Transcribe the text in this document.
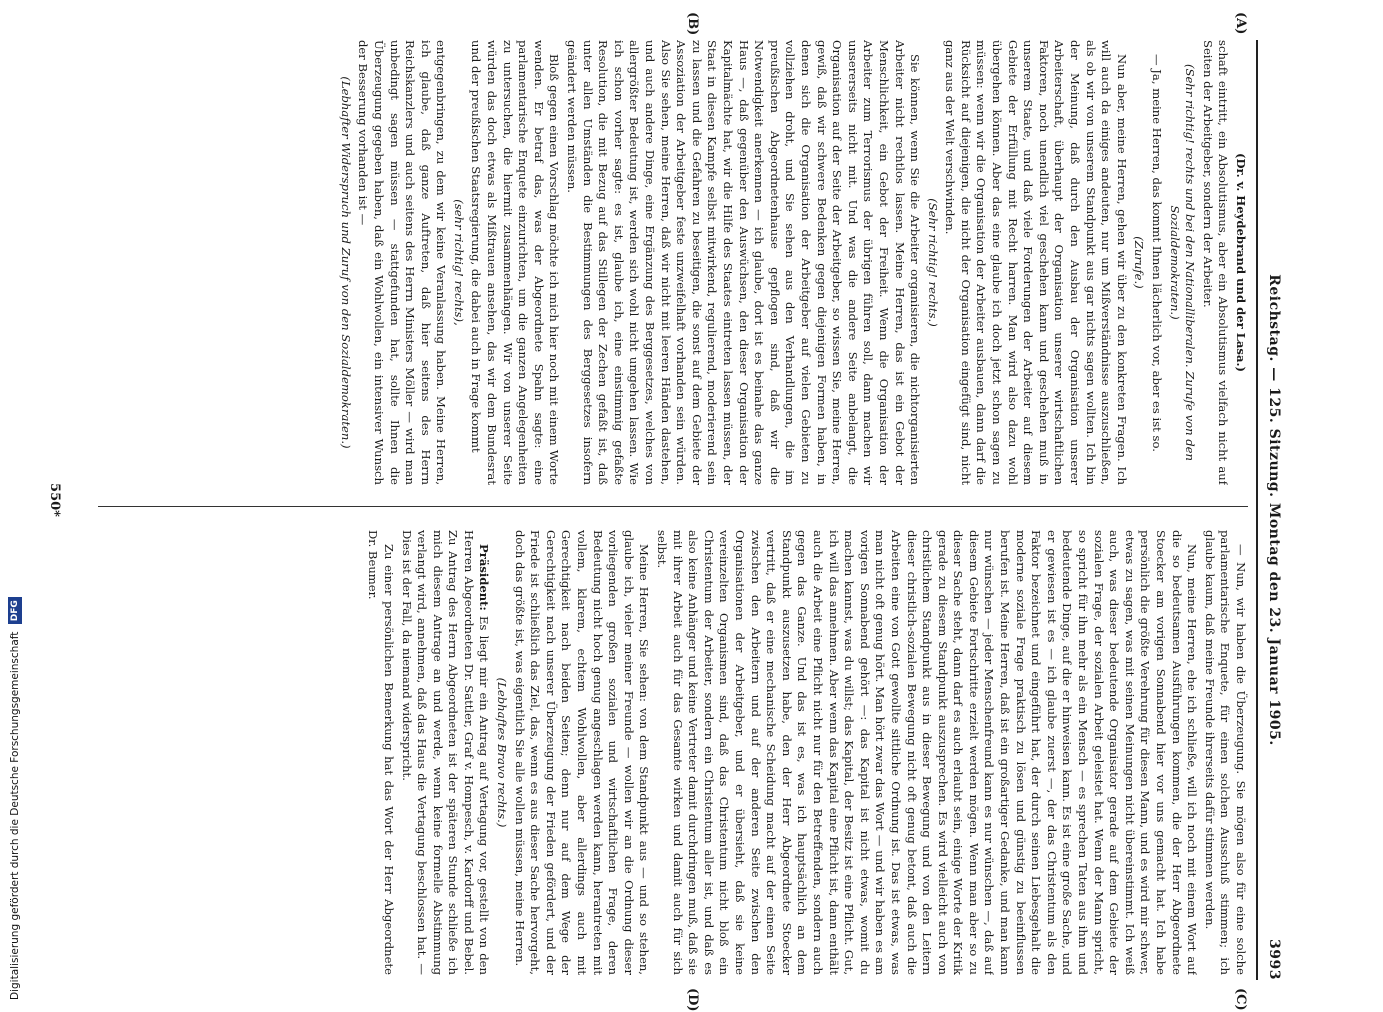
Reichstag. — 125. Sitzung. Montag den 23. Januar 1905.
3993
(A)
(B)
(C)
(D)

(Dr. v. Heydebrand und der Lasa.)

schaft eintritt, ein Absolutismus, aber ein Absolutismus vielfach nicht auf Seiten der Arbeitgeber, sondern der Arbeiter.

(Sehr richtig! rechts und bei den Nationalliberalen. Zurufe von den Sozialdemokraten.)

— Ja, meine Herren, das kommt Ihnen lächerlich vor, aber es ist so.

(Zurufe.)

Nun aber, meine Herren, gehen wir über zu den konkreten Fragen. Ich will auch da einiges andeuten, nur um Mißverständnisse auszuschließen, als ob wir von unserem Standpunkt aus gar nichts sagen wollten. Ich bin der Meinung, daß durch den Ausbau der Organisation unserer Arbeiterschaft, überhaupt der Organisation unserer wirtschaftlichen Faktoren, noch unendlich viel geschehen kann und geschehen muß in unserem Staate, und daß viele Forderungen der Arbeiter auf diesem Gebiete der Erfüllung mit Recht harren. Man wird also dazu wohl übergehen können. Aber das eine glaube ich doch jetzt schon sagen zu müssen: wenn wir die Organisation der Arbeiter ausbauen, dann darf die Rücksicht auf diejenigen, die nicht der Organisation eingefügt sind, nicht ganz aus der Welt verschwinden.

(Sehr richtig! rechts.)

Sie können, wenn Sie die Arbeiter organisieren, die nichtorganisierten Arbeiter nicht rechtlos lassen. Meine Herren, das ist ein Gebot der Menschlichkeit, ein Gebot der Freiheit. Wenn die Organisation der Arbeiter zum Terrorismus der übrigen führen soll, dann machen wir unsererseits nicht mit. Und was die andere Seite anbelangt, die Organisation auf der Seite der Arbeitgeber, so wissen Sie, meine Herren, gewiß, daß wir schwere Bedenken gegen diejenigen Formen haben, in denen sich die Organisation der Arbeitgeber auf vielen Gebieten zu vollziehen droht, und Sie sehen aus den Verhandlungen, die im preußischen Abgeordnetenhause gepflogen sind, daß wir die Notwendigkeit anerkennen — ich glaube, dort ist es beinahe das ganze Haus —, daß gegenüber den Auswüchsen, den dieser Organisation der Kapitalmächte hat, wir die Hilfe des Staates eintreten lassen müssen, der Staat in diesen Kampfe selbst mitwirkend, regulierend, moderierend sein zu lassen und die Gefahren zu beseitigen, die sonst auf dem Gebiete der Assoziation der Arbeitgeber feste unzweifelhaft vorhanden sein würden. Also Sie sehen, meine Herren, daß wir nicht mit leeren Händen dastehen, und auch andere Dinge, eine Ergänzung des Berggesetzes, welches von allergrößter Bedeutung ist, werden sich wohl nicht umgehen lassen. Wie ich schon vorher sagte: es ist, glaube ich, eine einstimmig gefaßte Resolution, die mit Bezug auf das Stillegen der Zechen gefaßt ist, daß unter allen Umständen die Bestimmungen des Berggesetzes insofern geändert werden müssen.

Bloß gegen einen Vorschlag möchte ich mich hier noch mit einem Worte wenden. Er betraf das, was der Abgeordnete Spahn sagte: eine parlamentarische Enquete einzurichten, um die ganzen Angelegenheiten zu untersuchen, die hiermit zusammenhängen. Wir von unserer Seite würden das doch etwas als Mißtrauen ansehen, das wir dem Bundesrat und der preußischen Staatsregierung, die dabei auch in Frage kommt

(sehr richtig! rechts),

entgegenbringen, zu dem wir keine Veranlassung haben. Meine Herren, ich glaube, daß ganze Auftreten, daß hier seitens des Herrn Reichskanzlers und auch seitens des Herrn Ministers Möller — wird man unbedingt sagen müssen — stattgefunden hat, sollte Ihnen die Überzeugung gegeben haben, daß ein Wohlwollen, ein intensiver Wunsch der Besserung vorhanden ist —

(Lebhafter Widerspruch und Zuruf von den Sozialdemokraten.)

— Nun, wir haben die Überzeugung. Sie mögen also für eine solche parlamentarische Enquete, für einen solchen Ausschuß stimmen; ich glaube kaum, daß meine Freunde ihrerseits dafür stimmen werden.

Nun, meine Herren, ehe ich schließe, will ich noch mit einem Wort auf die so bedeutsamen Ausführungen kommen, die der Herr Abgeordnete Stoecker am vorigen Sonnabend hier vor uns gemacht hat. Ich habe persönlich die größte Verehrung für diesen Mann, und es wird mir schwer, etwas zu sagen, was mit seinen Meinungen nicht übereinstimmt. Ich weiß auch, was dieser bedeutende Organisator gerade auf dem Gebiete der sozialen Frage, der sozialen Arbeit geleistet hat. Wenn der Mann spricht, so spricht für ihn mehr als ein Mensch — es sprechen Taten aus ihm und bedeutende Dinge, auf die er hinweisen kann. Es ist eine große Sache, und er gewiesen ist es — ich glaube zuerst —, der das Christentum als den Faktor bezeichnet und eingeführt hat, der durch seinen Liebesgehalt die moderne soziale Frage praktisch zu lösen und günstig zu beeinflussen berufen ist. Meine Herren, daß ist ein großartiger Gedanke, und man kann nur wünschen — jeder Menschenfreund kann es nur wünschen —, daß auf diesem Gebiete Fortschritte erzielt werden mögen. Wenn man aber so zu dieser Sache steht, dann darf es auch erlaubt sein, einige Worte der Kritik gerade zu diesem Standpunkt auszusprechen. Es wird vielleicht auch von christlichem Standpunkt aus in dieser Bewegung und von den Leitern dieser christlich-sozialen Bewegung nicht oft genug betont, daß auch die Arbeiten eine von Gott gewollte sittliche Ordnung ist. Das ist etwas, was man nicht oft genug hört. Man hört zwar das Wort — und wir haben es am vorigen Sonnabend gehört —: das Kapital ist nicht etwas, womit du machen kannst, was du willst; das Kapital, der Besitz ist eine Pflicht. Gut, ich will das annehmen. Aber wenn das Kapital eine Pflicht ist, dann enthält auch die Arbeit eine Pflicht nicht nur für den Betreffenden, sondern auch gegen das Ganze. Und das ist es, was ich hauptsächlich an dem Standpunkt auszusetzen habe, den der Herr Abgeordnete Stoecker vertritt, daß er eine mechanische Scheidung macht auf der einen Seite zwischen den Arbeitern und auf der anderen Seite zwischen den Organisationen der Arbeitgeber, und er übersieht, daß sie keine vereinzelten Organismen sind, daß das Christentum nicht bloß ein Christentum der Arbeiter, sondern ein Christentum aller ist, und daß es also keine Anhänger und keine Vertreter damit durchdringen muß, daß sie mit ihrer Arbeit auch für das Gesamte wirken und damit auch für sich selbst.

Meine Herren, Sie sehen: von dem Standpunkt aus — und so stehen, glaube ich, vieler meiner Freunde — wollen wir an die Ordnung dieser vorliegenden großen sozialen und wirtschaftlichen Frage, deren Bedeutung nicht hoch genug angeschlagen werden kann, herantreten mit vollem, klarem, echtem Wohlwollen, aber allerdings auch mit Gerechtigkeit nach beiden Seiten; denn nur auf dem Wege der Gerechtigkeit nach unserer Überzeugung der Frieden gefördert, und der Friede ist schließlich das Ziel, das, wenn es aus dieser Sache hervorgeht, doch das größte ist, was eigentlich Sie alle wollen müssen, meine Herren.

(Lebhaftes Bravo rechts.)

Präsident: Es liegt mir ein Antrag auf Vertagung vor, gestellt von den Herren Abgeordneten Dr. Sattler, Graf v. Hompesch, v. Kardorff und Bebel. Zu Antrag des Herrn Abgeordneten ist der späteren Stunde schließe ich mich diesem Antrage an und werde, wenn keine formelle Abstimmung verlangt wird, annehmen, daß das Haus die Vertagung beschlossen hat. — Dies ist der Fall, da niemand widerspricht.

Zu einer persönlichen Bemerkung hat das Wort der Herr Abgeordnete Dr. Beumer.

550*
Digitalisierung gefördert durch die Deutsche Forschungsgemeinschaft DFG
